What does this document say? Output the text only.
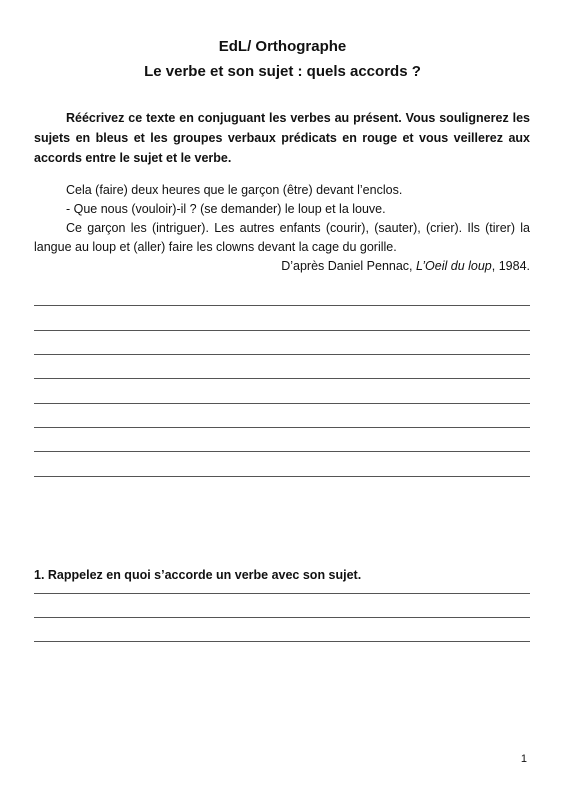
EdL/ Orthographe
Le verbe et son sujet : quels accords ?
Réécrivez ce texte en conjuguant les verbes au présent. Vous soulignerez les sujets en bleus et les groupes verbaux prédicats en rouge et vous veillerez aux accords entre le sujet et le verbe.

Cela (faire) deux heures que le garçon (être) devant l’enclos.

- Que nous (vouloir)-il ? (se demander) le loup et la louve.

Ce garçon les (intriguer). Les autres enfants (courir), (sauter), (crier). Ils (tirer) la langue au loup et (aller) faire les clowns devant la cage du gorille.

D’après Daniel Pennac, L’Oeil du loup, 1984.

1. Rappelez en quoi s’accorde un verbe avec son sujet.
1
